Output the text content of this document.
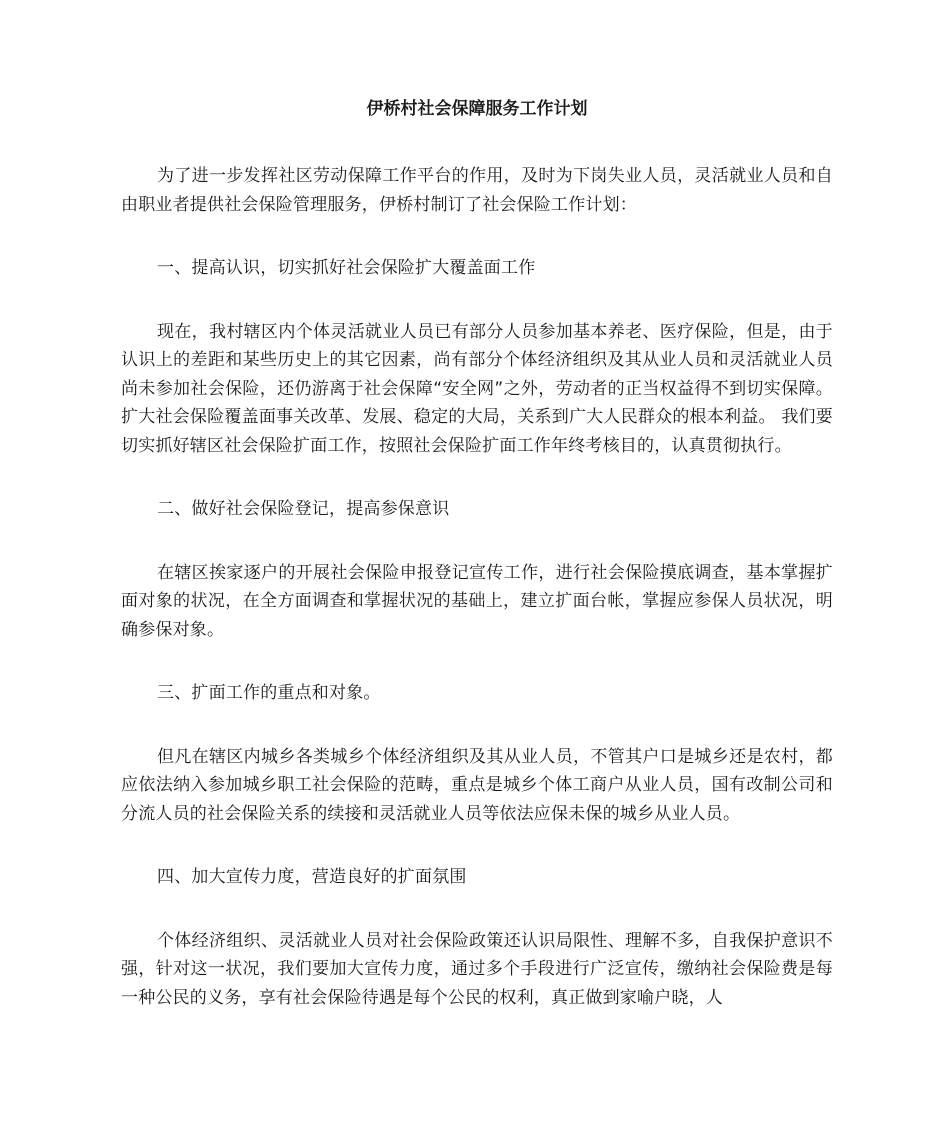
伊桥村社会保障服务工作计划

为了进一步发挥社区劳动保障工作平台的作用，及时为下岗失业人员，灵活就业人员和自由职业者提供社会保险管理服务，伊桥村制订了社会保险工作计划：

一、提高认识，切实抓好社会保险扩大覆盖面工作

现在，我村辖区内个体灵活就业人员已有部分人员参加基本养老、医疗保险，但是，由于认识上的差距和某些历史上的其它因素，尚有部分个体经济组织及其从业人员和灵活就业人员尚未参加社会保险，还仍游离于社会保障“安全网”之外，劳动者的正当权益得不到切实保障。扩大社会保险覆盖面事关改革、发展、稳定的大局，关系到广大人民群众的根本利益。 我们要切实抓好辖区社会保险扩面工作，按照社会保险扩面工作年终考核目的，认真贯彻执行。

二、做好社会保险登记，提高参保意识

在辖区挨家逐户的开展社会保险申报登记宣传工作，进行社会保险摸底调查，基本掌握扩面对象的状况，在全方面调查和掌握状况的基础上，建立扩面台帐，掌握应参保人员状况，明确参保对象。

三、扩面工作的重点和对象。

但凡在辖区内城乡各类城乡个体经济组织及其从业人员，不管其户口是城乡还是农村，都应依法纳入参加城乡职工社会保险的范畴，重点是城乡个体工商户从业人员，国有改制公司和分流人员的社会保险关系的续接和灵活就业人员等依法应保未保的城乡从业人员。

四、加大宣传力度，营造良好的扩面氛围

个体经济组织、灵活就业人员对社会保险政策还认识局限性、理解不多，自我保护意识不强，针对这一状况，我们要加大宣传力度，通过多个手段进行广泛宣传，缴纳社会保险费是每一种公民的义务，享有社会保险待遇是每个公民的权利，真正做到家喻户晓，人
